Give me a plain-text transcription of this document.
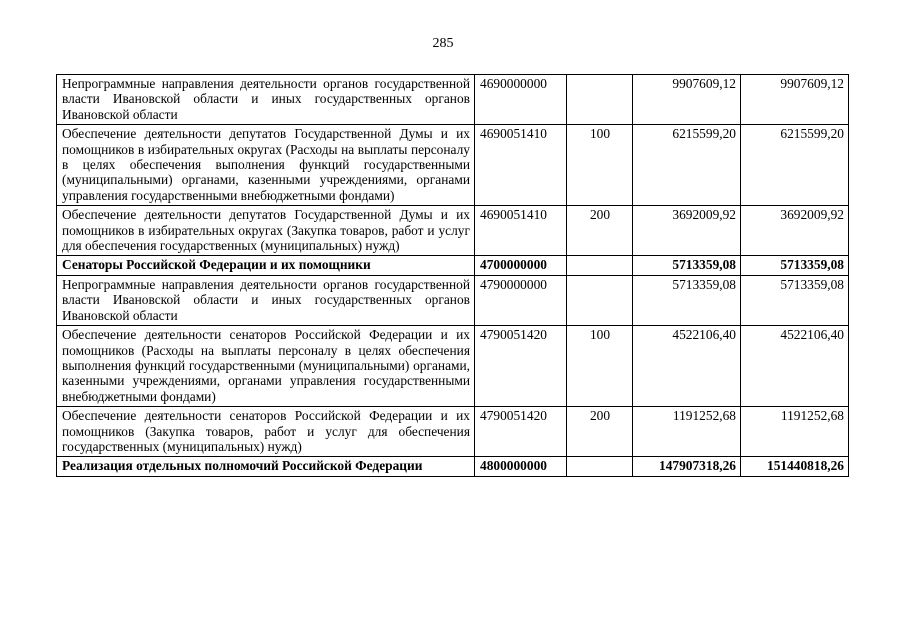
285
Непрограммные направления деятельности органов государственной власти Ивановской области и иных государственных органов Ивановской области	4690000000		9907609,12	9907609,12
Обеспечение деятельности депутатов Государственной Думы и их помощников в избирательных округах (Расходы на выплаты персоналу в целях обеспечения выполнения функций государственными (муниципальными) органами, казенными учреждениями, органами управления государственными внебюджетными фондами)	4690051410	100	6215599,20	6215599,20
Обеспечение деятельности депутатов Государственной Думы и их помощников в избирательных округах (Закупка товаров, работ и услуг для обеспечения государственных (муниципальных) нужд)	4690051410	200	3692009,92	3692009,92
Сенаторы Российской Федерации и их помощники	4700000000		5713359,08	5713359,08
Непрограммные направления деятельности органов государственной власти Ивановской области и иных государственных органов Ивановской области	4790000000		5713359,08	5713359,08
Обеспечение деятельности сенаторов Российской Федерации и их помощников (Расходы на выплаты персоналу в целях обеспечения выполнения функций государственными (муниципальными) органами, казенными учреждениями, органами управления государственными внебюджетными фондами)	4790051420	100	4522106,40	4522106,40
Обеспечение деятельности сенаторов Российской Федерации и их помощников (Закупка товаров, работ и услуг для обеспечения государственных (муниципальных) нужд)	4790051420	200	1191252,68	1191252,68
Реализация отдельных полномочий Российской Федерации	4800000000		147907318,26	151440818,26
